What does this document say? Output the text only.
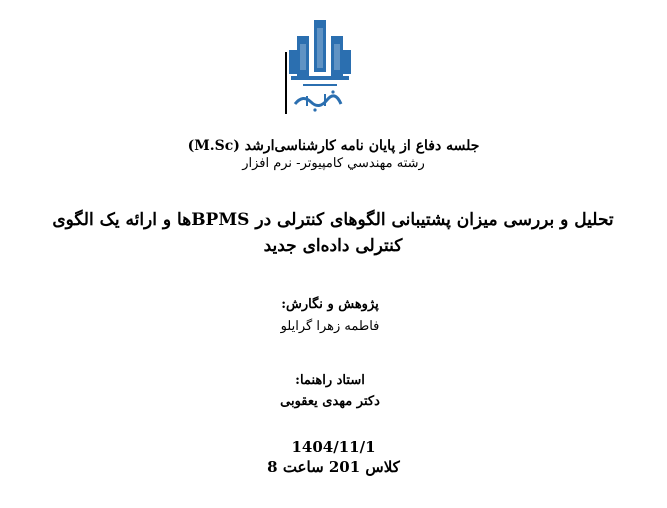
جلسه دفاع از پایان نامه کارشناسی‌ارشد (M.Sc)
رشته مهندسي کامپيوتر- نرم افزار
تحلیل و بررسی میزان پشتیبانی الگوهای کنترلی در BPMSها و ارائه یک الگوی
کنترلی داده‌ای جدید
پژوهش و نگارش:
فاطمه زهرا گرایلو
استاد راهنما:
دکتر مهدی یعقوبی
1404/11/1
کلاس 201 ساعت 8
